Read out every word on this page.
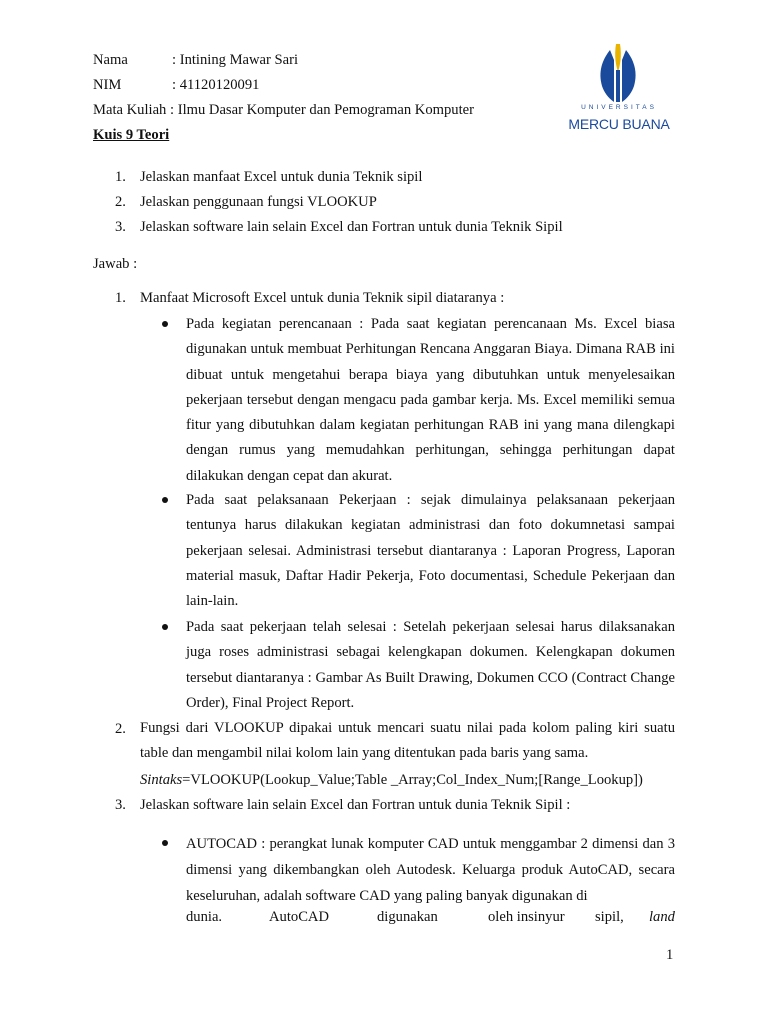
Nama	: Intining Mawar Sari
NIM	: 41120120091
Mata Kuliah : Ilmu Dasar Komputer dan Pemograman Komputer
Kuis 9 Teori
UNIVERSITAS
MERCU BUANA
1. Jelaskan manfaat Excel untuk dunia Teknik sipil
2. Jelaskan penggunaan fungsi VLOOKUP
3. Jelaskan software lain selain Excel dan Fortran untuk dunia Teknik Sipil
Jawab :
1. Manfaat Microsoft Excel untuk dunia Teknik sipil diataranya :
Pada kegiatan perencanaan : Pada saat kegiatan perencanaan Ms. Excel biasa digunakan untuk membuat Perhitungan Rencana Anggaran Biaya. Dimana RAB ini dibuat untuk mengetahui berapa biaya yang dibutuhkan untuk menyelesaikan pekerjaan tersebut dengan mengacu pada gambar kerja. Ms. Excel memiliki semua fitur yang dibutuhkan dalam kegiatan perhitungan RAB ini yang mana dilengkapi dengan rumus yang memudahkan perhitungan, sehingga perhitungan dapat dilakukan dengan cepat dan akurat.
Pada saat pelaksanaan Pekerjaan : sejak dimulainya pelaksanaan pekerjaan tentunya harus dilakukan kegiatan administrasi dan foto dokumnetasi sampai pekerjaan selesai. Administrasi tersebut diantaranya : Laporan Progress, Laporan material masuk, Daftar Hadir Pekerja, Foto documentasi, Schedule Pekerjaan dan lain-lain.
Pada saat pekerjaan telah selesai : Setelah pekerjaan selesai harus dilaksanakan juga roses administrasi sebagai kelengkapan dokumen. Kelengkapan dokumen tersebut diantaranya : Gambar As Built Drawing, Dokumen CCO (Contract Change Order), Final Project Report.
2. Fungsi dari VLOOKUP dipakai untuk mencari suatu nilai pada kolom paling kiri suatu table dan mengambil nilai kolom lain yang ditentukan pada baris yang sama.
Sintaks=VLOOKUP(Lookup_Value;Table _Array;Col_Index_Num;[Range_Lookup])
3. Jelaskan software lain selain Excel dan Fortran untuk dunia Teknik Sipil :
AUTOCAD : perangkat lunak komputer CAD untuk menggambar 2 dimensi dan 3 dimensi yang dikembangkan oleh Autodesk. Keluarga produk AutoCAD, secara keseluruhan, adalah software CAD yang paling banyak digunakan di
dunia.	AutoCAD	digunakan	oleh insinyur sipil, land
1
